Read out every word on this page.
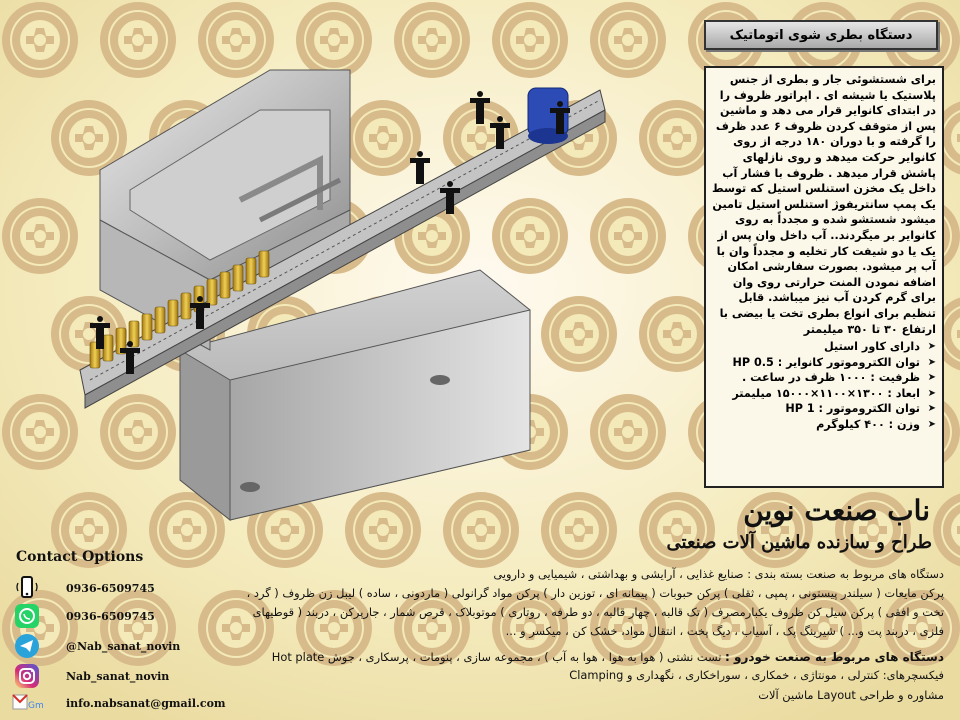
دستگاه بطری شوی اتوماتیک

برای شستشوئی جار و بطری از جنس پلاستیک یا شیشه ای . اپراتور ظروف را در ابتدای کانوایر قرار می دهد و ماشین پس از متوقف کردن ظروف ۶ عدد ظرف را گرفته و با دوران ۱۸۰ درجه از روی کانوایر حرکت میدهد و روی نازلهای پاشش قرار میدهد . ظروف با فشار آب داخل یک مخزن استنلس استیل که توسط یک پمپ سانتریفوژ استنلس استیل تامین میشود شستشو شده و مجدداً به روی کانوایر بر میگردند.. آب داخل وان پس از یک یا دو شیفت کار تخلیه و مجدداً وان با آب پر میشود. بصورت سفارشی امکان اضافه نمودن المنت حرارتی روی وان برای گرم کردن آب نیز میباشد. قابل تنظیم برای انواع بطری تخت یا بیضی با ارتفاع ۳۰ تا ۳۵۰ میلیمتر

➤ دارای کاور استیل
➤ توان الکتروموتور کانوایر : 0.5 HP
➤ ظرفیت : ۱۰۰۰ ظرف در ساعت .
➤ ابعاد : ۱۳۰۰×۱۱۰۰×۱۵۰۰۰ میلیمتر
➤ توان الکتروموتور : 1 HP
➤ وزن : ۴۰۰ کیلوگرم
ناب صنعت نوین
طراح و سازنده ماشین آلات صنعتی
Contact Options
0936-6509745
0936-6509745
@Nab_sanat_novin
Nab_sanat_novin
Gm info.nabsanat@gmail.com
دستگاه های مربوط به صنعت بسته بندی : صنایع غذایی ، آرایشی و بهداشتی ، شیمیایی و دارویی
پرکن مایعات ( سیلندر پیستونی ، پمپی ، ثقلی ) پرکن حبوبات ( پیمانه ای ، توزین دار ) پرکن مواد گرانولی ( ماردونی ، ساده ) لیبل زن ظروف ( گرد ،
تخت و افقی ) پرکن سیل کن ظروف یکبارمصرف ( تک قالبه ، چهار قالبه ، دو طرفه ، روتاری ) موتوبلاک ، قرص شمار ، جارپرکن ، دربند ( قوطیهای
فلزی ، دربند پت و... ) شیرینگ پک ، آسیاب ، دیگ پخت ، انتقال مواد، خشک کن ، میکسر و ...
دستگاه های مربوط به صنعت خودرو : تست نشتی ( هوا به هوا ، هوا به آب ) ، مجموعه سازی ، پنومات ، پرسکاری ، جوش Hot plate
فیکسچرهای: کنترلی ، مونتاژی ، خمکاری ، سوراخکاری ، نگهداری و Clamping
مشاوره و طراحی Layout ماشین آلات
